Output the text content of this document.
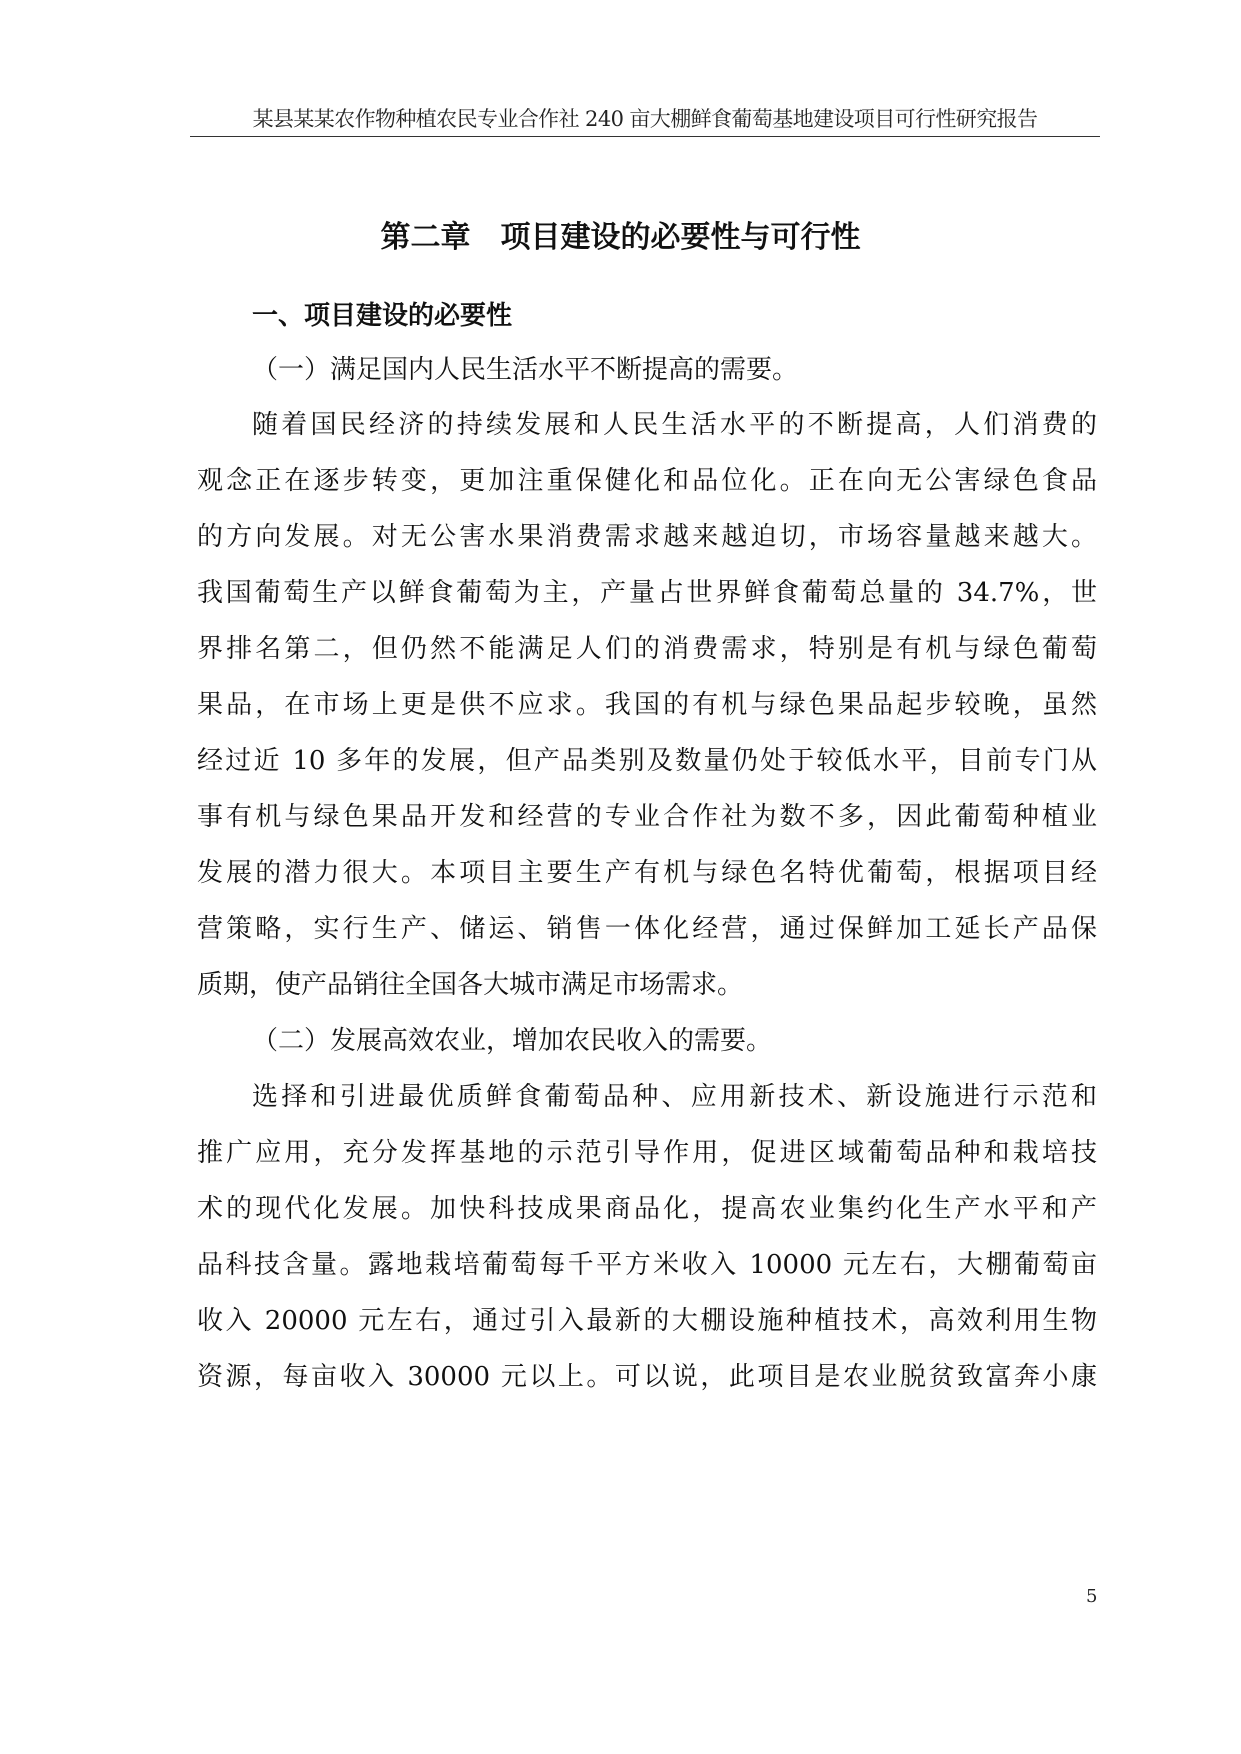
某县某某农作物种植农民专业合作社 240 亩大棚鲜食葡萄基地建设项目可行性研究报告
第二章　项目建设的必要性与可行性
一、项目建设的必要性
（一）满足国内人民生活水平不断提高的需要。
随着国民经济的持续发展和人民生活水平的不断提高，人们消费的
观念正在逐步转变，更加注重保健化和品位化。正在向无公害绿色食品
的方向发展。对无公害水果消费需求越来越迫切，市场容量越来越大。
我国葡萄生产以鲜食葡萄为主，产量占世界鲜食葡萄总量的 34.7%，世
界排名第二，但仍然不能满足人们的消费需求，特别是有机与绿色葡萄
果品，在市场上更是供不应求。我国的有机与绿色果品起步较晚，虽然
经过近 10 多年的发展，但产品类别及数量仍处于较低水平，目前专门从
事有机与绿色果品开发和经营的专业合作社为数不多，因此葡萄种植业
发展的潜力很大。本项目主要生产有机与绿色名特优葡萄，根据项目经
营策略，实行生产、储运、销售一体化经营，通过保鲜加工延长产品保
质期，使产品销往全国各大城市满足市场需求。
（二）发展高效农业，增加农民收入的需要。
选择和引进最优质鲜食葡萄品种、应用新技术、新设施进行示范和
推广应用，充分发挥基地的示范引导作用，促进区域葡萄品种和栽培技
术的现代化发展。加快科技成果商品化，提高农业集约化生产水平和产
品科技含量。露地栽培葡萄每千平方米收入 10000 元左右，大棚葡萄亩
收入 20000 元左右，通过引入最新的大棚设施种植技术，高效利用生物
资源，每亩收入 30000 元以上。可以说，此项目是农业脱贫致富奔小康
5
